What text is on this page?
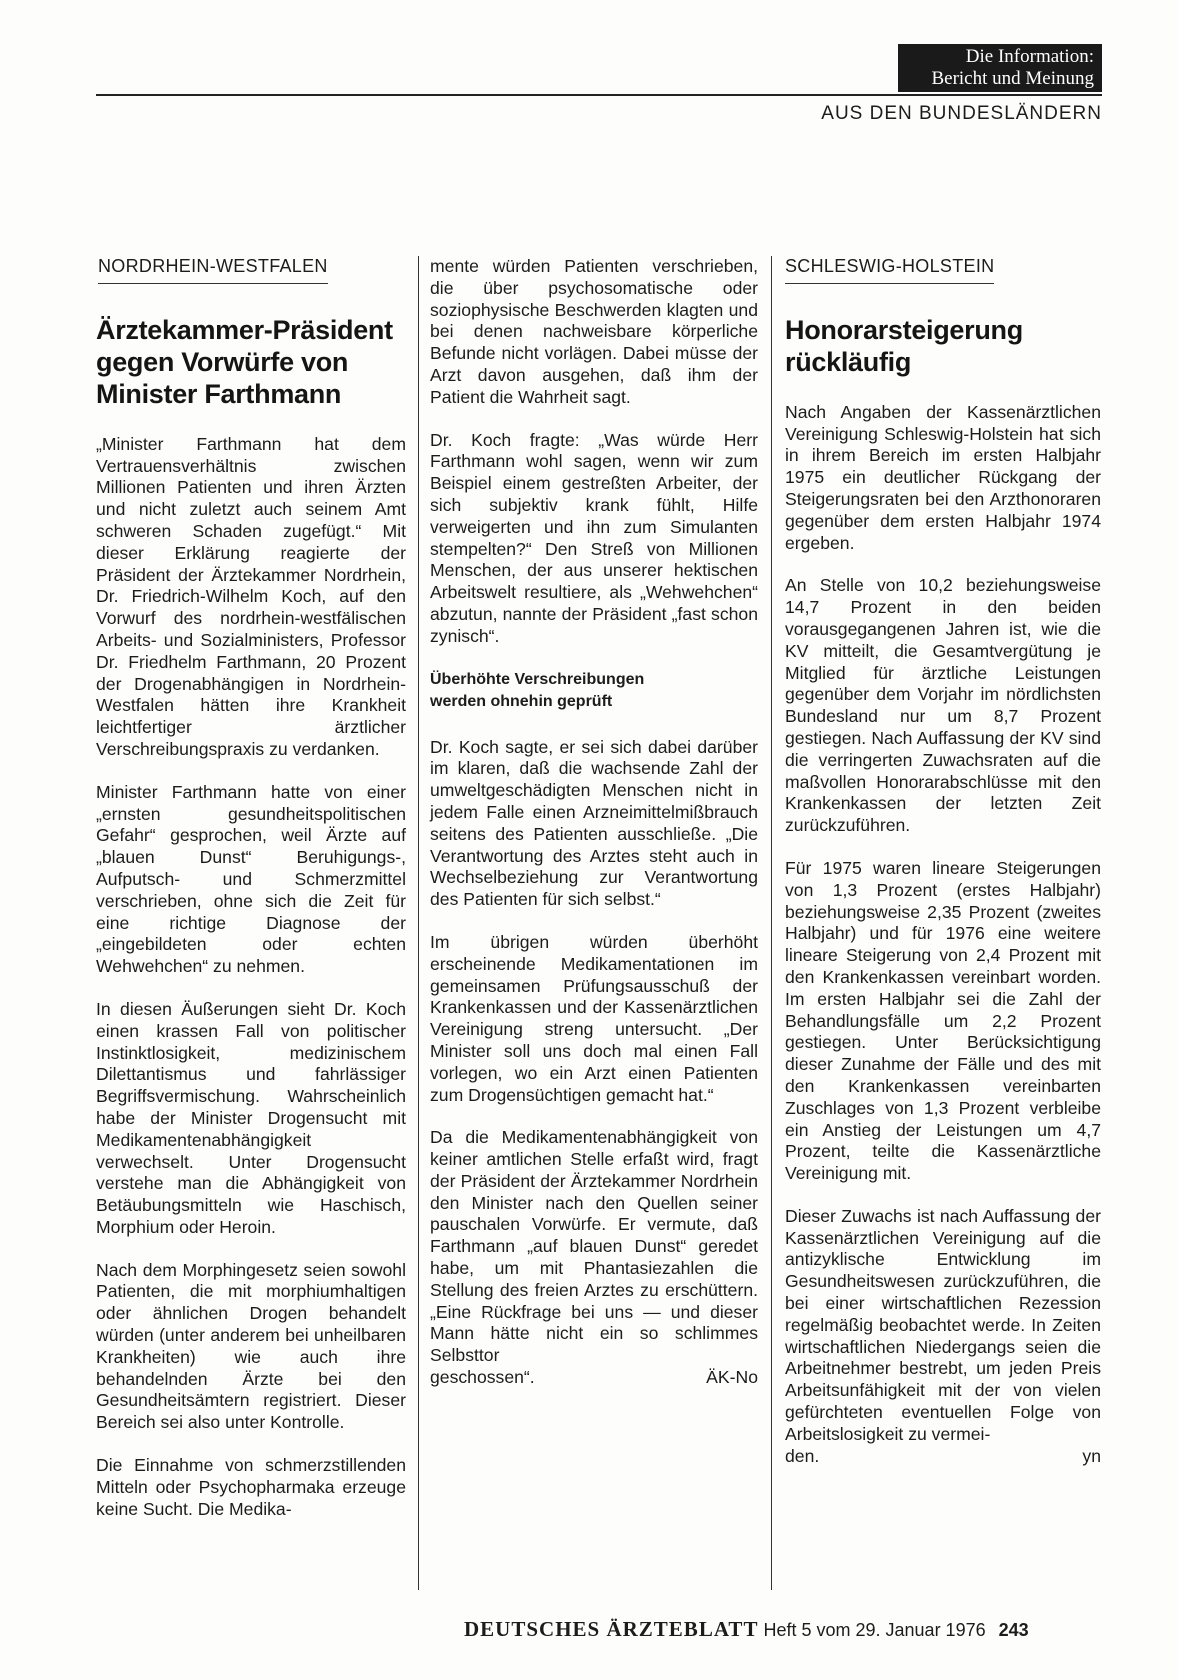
Die Information:
Bericht und Meinung
AUS DEN BUNDESLÄNDERN
NORDRHEIN-WESTFALEN
Ärztekammer-Präsident
gegen Vorwürfe von
Minister Farthmann

„Minister Farthmann hat dem Vertrauensverhältnis zwischen Millionen Patienten und ihren Ärzten und nicht zuletzt auch seinem Amt schweren Schaden zugefügt.“ Mit dieser Erklärung reagierte der Präsident der Ärztekammer Nordrhein, Dr. Friedrich-Wilhelm Koch, auf den Vorwurf des nordrhein-westfälischen Arbeits- und Sozialministers, Professor Dr. Friedhelm Farthmann, 20 Prozent der Drogenabhängigen in Nordrhein-Westfalen hätten ihre Krankheit leichtfertiger ärztlicher Verschreibungspraxis zu verdanken.

Minister Farthmann hatte von einer „ernsten gesundheitspolitischen Gefahr“ gesprochen, weil Ärzte auf „blauen Dunst“ Beruhigungs-, Aufputsch- und Schmerzmittel verschrieben, ohne sich die Zeit für eine richtige Diagnose der „eingebildeten oder echten Wehwehchen“ zu nehmen.

In diesen Äußerungen sieht Dr. Koch einen krassen Fall von politischer Instinktlosigkeit, medizinischem Dilettantismus und fahrlässiger Begriffsvermischung. Wahrscheinlich habe der Minister Drogensucht mit Medikamentenabhängigkeit verwechselt. Unter Drogensucht verstehe man die Abhängigkeit von Betäubungsmitteln wie Haschisch, Morphium oder Heroin.

Nach dem Morphingesetz seien sowohl Patienten, die mit morphiumhaltigen oder ähnlichen Drogen behandelt würden (unter anderem bei unheilbaren Krankheiten) wie auch ihre behandelnden Ärzte bei den Gesundheitsämtern registriert. Dieser Bereich sei also unter Kontrolle.

Die Einnahme von schmerzstillenden Mitteln oder Psychopharmaka erzeuge keine Sucht. Die Medika-

mente würden Patienten verschrieben, die über psychosomatische oder soziophysische Beschwerden klagten und bei denen nachweisbare körperliche Befunde nicht vorlägen. Dabei müsse der Arzt davon ausgehen, daß ihm der Patient die Wahrheit sagt.

Dr. Koch fragte: „Was würde Herr Farthmann wohl sagen, wenn wir zum Beispiel einem gestreßten Arbeiter, der sich subjektiv krank fühlt, Hilfe verweigerten und ihn zum Simulanten stempelten?“ Den Streß von Millionen Menschen, der aus unserer hektischen Arbeitswelt resultiere, als „Wehwehchen“ abzutun, nannte der Präsident „fast schon zynisch“.

Überhöhte Verschreibungen
werden ohnehin geprüft

Dr. Koch sagte, er sei sich dabei darüber im klaren, daß die wachsende Zahl der umweltgeschädigten Menschen nicht in jedem Falle einen Arzneimittelmißbrauch seitens des Patienten ausschließe. „Die Verantwortung des Arztes steht auch in Wechselbeziehung zur Verantwortung des Patienten für sich selbst.“

Im übrigen würden überhöht erscheinende Medikamentationen im gemeinsamen Prüfungsausschuß der Krankenkassen und der Kassenärztlichen Vereinigung streng untersucht. „Der Minister soll uns doch mal einen Fall vorlegen, wo ein Arzt einen Patienten zum Drogensüchtigen gemacht hat.“

Da die Medikamentenabhängigkeit von keiner amtlichen Stelle erfaßt wird, fragt der Präsident der Ärztekammer Nordrhein den Minister nach den Quellen seiner pauschalen Vorwürfe. Er vermute, daß Farthmann „auf blauen Dunst“ geredet habe, um mit Phantasiezahlen die Stellung des freien Arztes zu erschüttern. „Eine Rückfrage bei uns — und dieser Mann hätte nicht ein so schlimmes Selbsttor

geschossen“.	ÄK-No
SCHLESWIG-HOLSTEIN
Honorarsteigerung
rückläufig

Nach Angaben der Kassenärztlichen Vereinigung Schleswig-Holstein hat sich in ihrem Bereich im ersten Halbjahr 1975 ein deutlicher Rückgang der Steigerungsraten bei den Arzthonoraren gegenüber dem ersten Halbjahr 1974 ergeben.

An Stelle von 10,2 beziehungsweise 14,7 Prozent in den beiden vorausgegangenen Jahren ist, wie die KV mitteilt, die Gesamtvergütung je Mitglied für ärztliche Leistungen gegenüber dem Vorjahr im nördlichsten Bundesland nur um 8,7 Prozent gestiegen. Nach Auffassung der KV sind die verringerten Zuwachsraten auf die maßvollen Honorarabschlüsse mit den Krankenkassen der letzten Zeit zurückzuführen.

Für 1975 waren lineare Steigerungen von 1,3 Prozent (erstes Halbjahr) beziehungsweise 2,35 Prozent (zweites Halbjahr) und für 1976 eine weitere lineare Steigerung von 2,4 Prozent mit den Krankenkassen vereinbart worden. Im ersten Halbjahr sei die Zahl der Behandlungsfälle um 2,2 Prozent gestiegen. Unter Berücksichtigung dieser Zunahme der Fälle und des mit den Krankenkassen vereinbarten Zuschlages von 1,3 Prozent verbleibe ein Anstieg der Leistungen um 4,7 Prozent, teilte die Kassenärztliche Vereinigung mit.

Dieser Zuwachs ist nach Auffassung der Kassenärztlichen Vereinigung auf die antizyklische Entwicklung im Gesundheitswesen zurückzuführen, die bei einer wirtschaftlichen Rezession regelmäßig beobachtet werde. In Zeiten wirtschaftlichen Niedergangs seien die Arbeitnehmer bestrebt, um jeden Preis Arbeitsunfähigkeit mit der von vielen gefürchteten eventuellen Folge von Arbeitslosigkeit zu vermei-

den.	yn
DEUTSCHES ÄRZTEBLATT Heft 5 vom 29. Januar 1976 243
